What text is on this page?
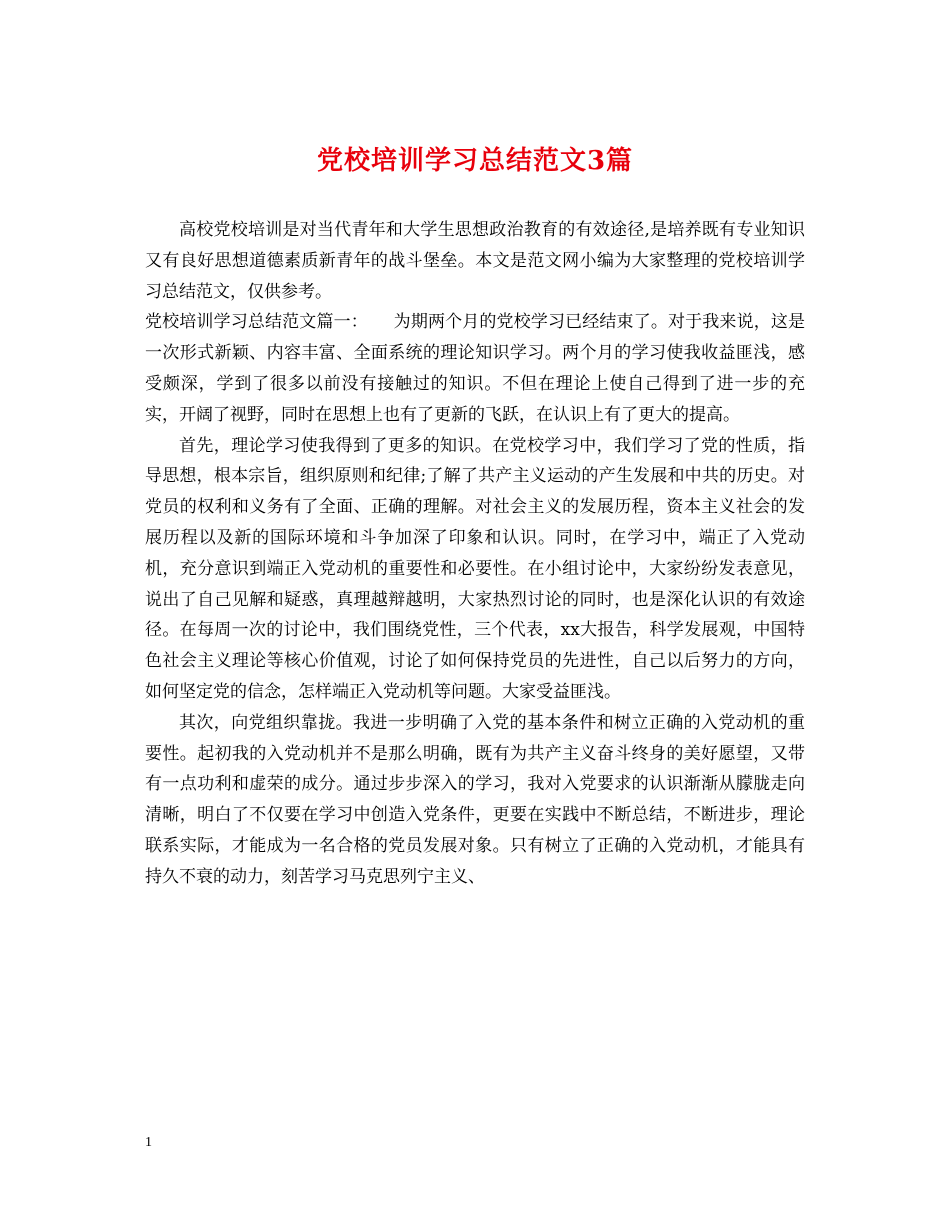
党校培训学习总结范文3篇

高校党校培训是对当代青年和大学生思想政治教育的有效途径,是培养既有专业知识又有良好思想道德素质新青年的战斗堡垒。本文是范文网小编为大家整理的党校培训学习总结范文，仅供参考。

党校培训学习总结范文篇一：　　为期两个月的党校学习已经结束了。对于我来说，这是一次形式新颖、内容丰富、全面系统的理论知识学习。两个月的学习使我收益匪浅，感受颇深，学到了很多以前没有接触过的知识。不但在理论上使自己得到了进一步的充实，开阔了视野，同时在思想上也有了更新的飞跃，在认识上有了更大的提高。

首先，理论学习使我得到了更多的知识。在党校学习中，我们学习了党的性质，指导思想，根本宗旨，组织原则和纪律;了解了共产主义运动的产生发展和中共的历史。对党员的权利和义务有了全面、正确的理解。对社会主义的发展历程，资本主义社会的发展历程以及新的国际环境和斗争加深了印象和认识。同时，在学习中，端正了入党动机，充分意识到端正入党动机的重要性和必要性。在小组讨论中，大家纷纷发表意见，说出了自己见解和疑惑，真理越辩越明，大家热烈讨论的同时，也是深化认识的有效途径。在每周一次的讨论中，我们围绕党性，三个代表，xx大报告，科学发展观，中国特色社会主义理论等核心价值观，讨论了如何保持党员的先进性，自己以后努力的方向，如何坚定党的信念，怎样端正入党动机等问题。大家受益匪浅。

其次，向党组织靠拢。我进一步明确了入党的基本条件和树立正确的入党动机的重要性。起初我的入党动机并不是那么明确，既有为共产主义奋斗终身的美好愿望，又带有一点功利和虚荣的成分。通过步步深入的学习，我对入党要求的认识渐渐从朦胧走向清晰，明白了不仅要在学习中创造入党条件，更要在实践中不断总结，不断进步，理论联系实际，才能成为一名合格的党员发展对象。只有树立了正确的入党动机，才能具有持久不衰的动力，刻苦学习马克思列宁主义、

1
